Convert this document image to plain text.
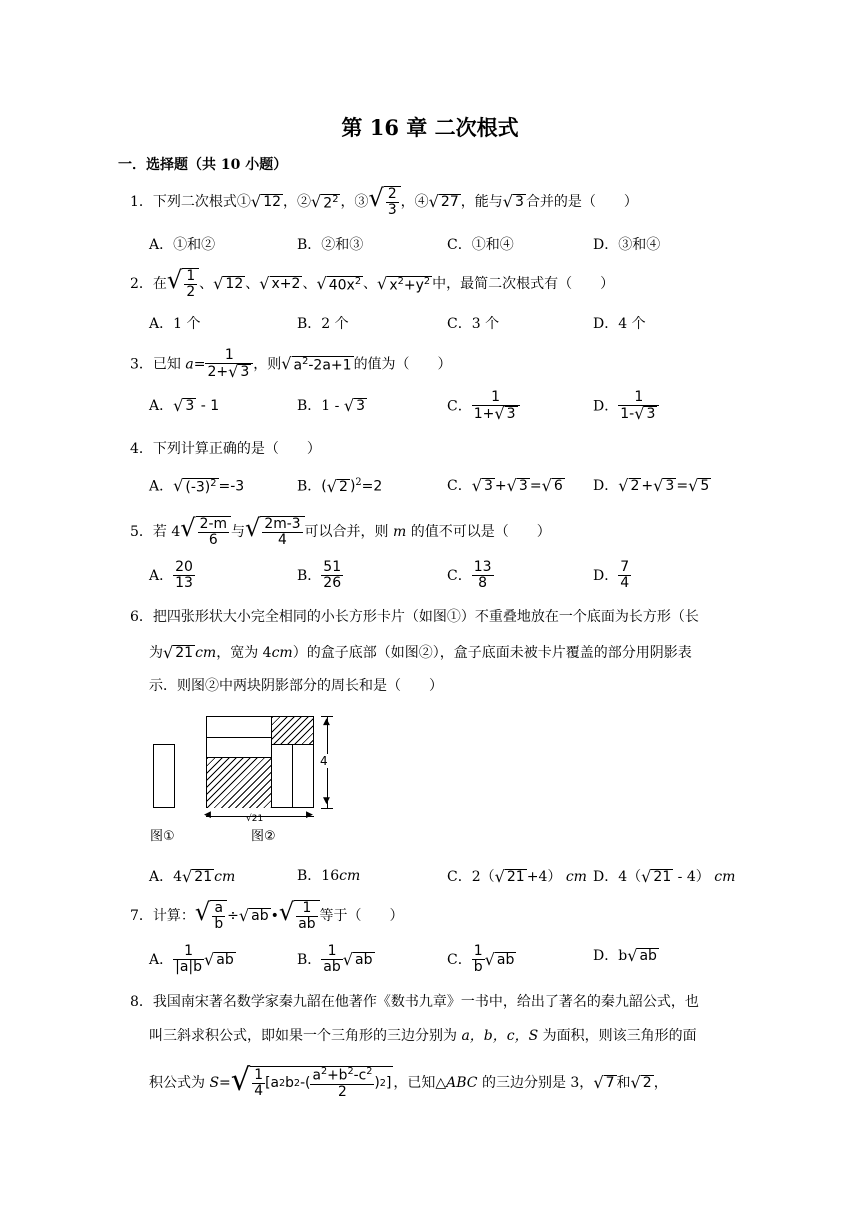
第 16 章 二次根式
一．选择题（共 10 小题）
1．下列二次根式① √ 12 ，② √ $2^2$ ，③ √ $\frac{2}{3}$ ，④ √ 27 ，能与 √ 3 合并的是（　　）
A．①和②	B．②和③	C．①和④	D．③和④
2．在 √ $\frac{1}{2}$ 、 √ 12 、 √ x+2 、 √ $40x^2$ 、 √ $x^2+y^2$ 中，最简二次根式有（　　）
A．1 个	B．2 个	C．3 个	D．4 个
3．已知 $a= \frac{1}{2+ √ 3}$ ，则 √ $a^2-2a+1$ 的值为（　　）
A． √ 3 - 1	B．1 - √ 3	C． $\frac{1}{1+ √ 3}$	D． $\frac{1}{1- √ 3}$
4．下列计算正确的是（　　）
A． √ $(-3)^2 =-3$	B．( √ 2 )$^2$=2	C． √ 3 + √ 3 = √ 6 D． √ 2 + √ 3 = √ 5
5．若 4 √ $\frac{2-m}{6}$ 与 √ $\frac{2m-3}{4}$ 可以合并，则 m 的值不可以是（　　）
A． $\frac{20}{13}$	B． $\frac{51}{26}$	C． $\frac{13}{8}$	D． $\frac{7}{4}$
6．把四张形状大小完全相同的小长方形卡片（如图①）不重叠地放在一个底面为长方形（长
为 √ 21 cm，宽为 4cm）的盒子底部（如图②），盒子底面未被卡片覆盖的部分用阴影表
示．则图②中两块阴影部分的周长和是（　　）
▲
▼
4
◀	▶
√21
图①	图②
A．4 √ 21 cm	B．16cm	C．2（ √ 21 +4） cm D．4（ √ 21 - 4） cm
7．计算： √ $\frac{a}{b}$ ÷ √ ab • √ $\frac{1}{ab}$ 等于（　　）
A． $\frac{1}{|a|b}$ √ ab	B． $\frac{1}{ab}$ √ ab	C． $\frac{1}{b}$ √ ab	D．b √ ab
8．我国南宋著名数学家秦九韶在他著作《数书九章》一书中，给出了著名的秦九韶公式，也
叫三斜求积公式，即如果一个三角形的三边分别为 a，b，c，S 为面积，则该三角形的面
积公式为 S= √ $\frac{1}{4} [a$ 2 b 2 -( $\frac{a^2+b^2-c^2}{2}$ ) 2 ] ，已知△ABC 的三边分别是 3， √ 7 和 √ 2 ，
